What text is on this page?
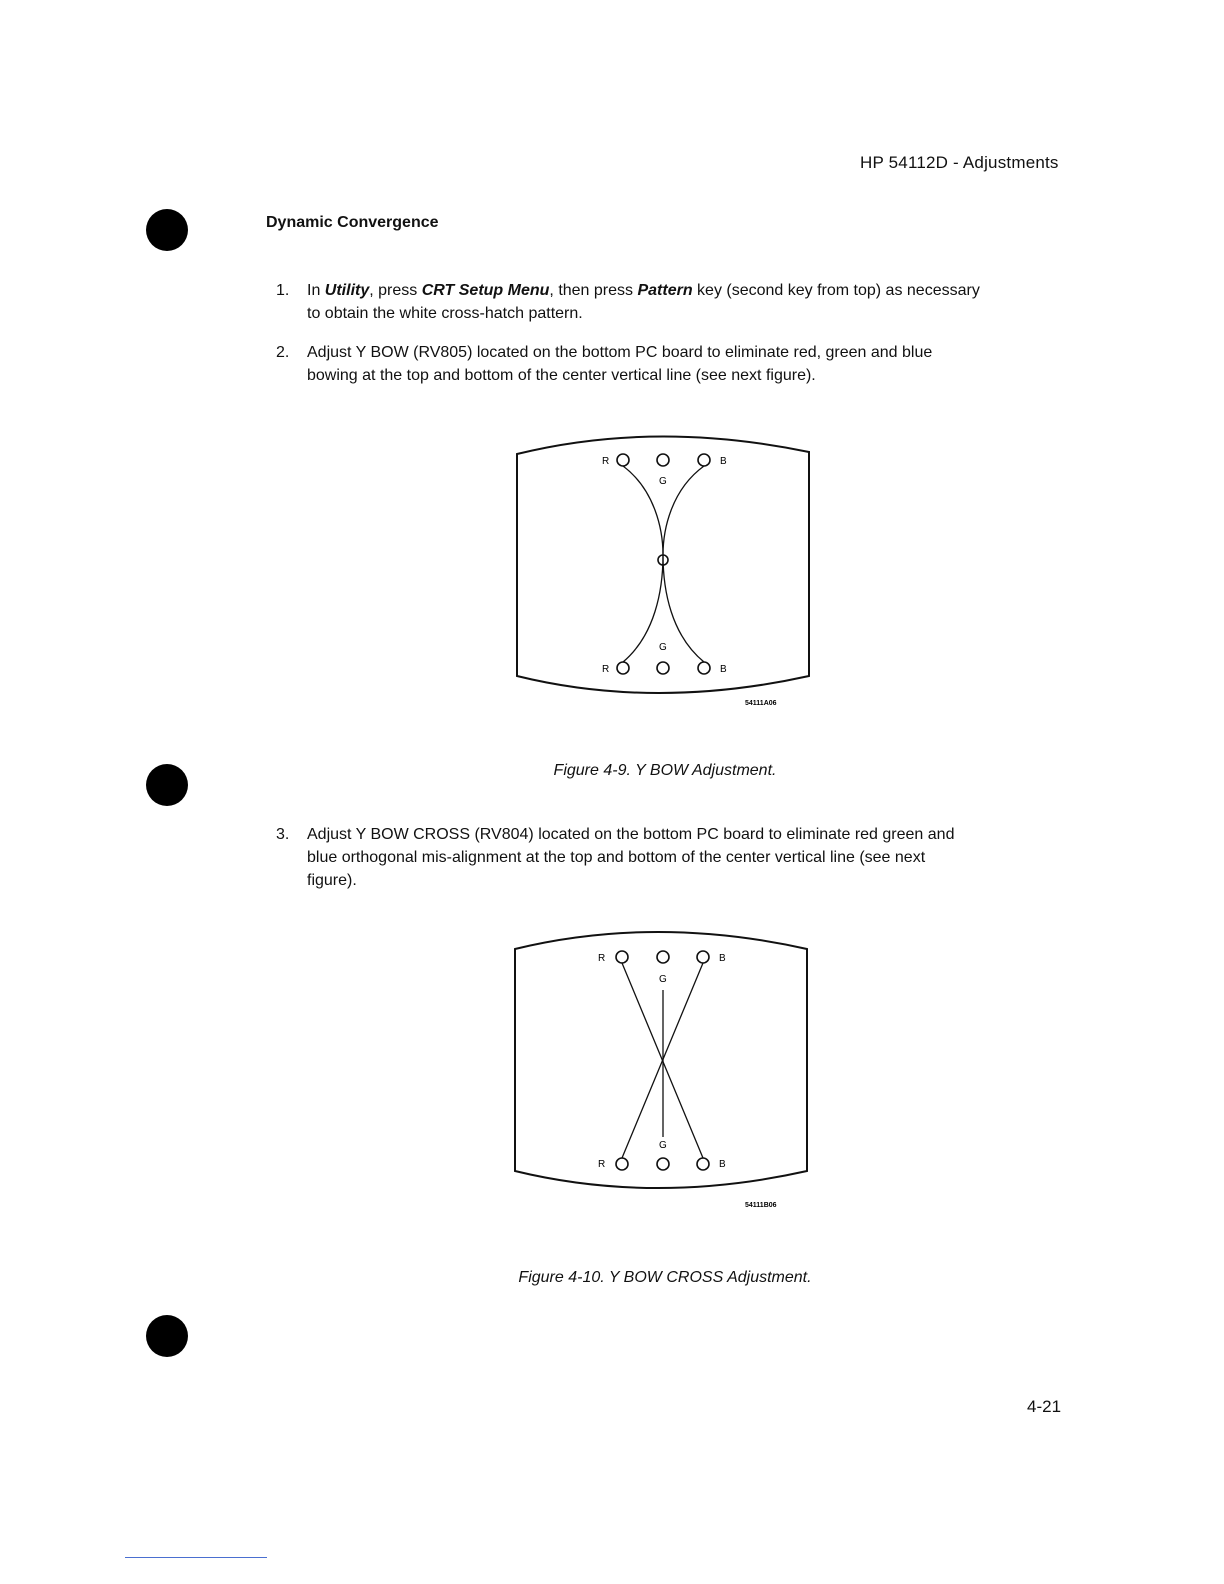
HP 54112D - Adjustments
Dynamic Convergence
1. In Utility, press CRT Setup Menu, then press Pattern key (second key from top) as necessary
to obtain the white cross-hatch pattern.
2. Adjust Y BOW (RV805) located on the bottom PC board to eliminate red, green and blue
bowing at the top and bottom of the center vertical line (see next figure).
R
G
B
G
R	B
54111A06
Figure 4-9. Y BOW Adjustment.
3. Adjust Y BOW CROSS (RV804) located on the bottom PC board to eliminate red green and
blue orthogonal mis-alignment at the top and bottom of the center vertical line (see next
figure).
R
G
B
G
R	B
54111B06
Figure 4-10. Y BOW CROSS Adjustment.
4-21
